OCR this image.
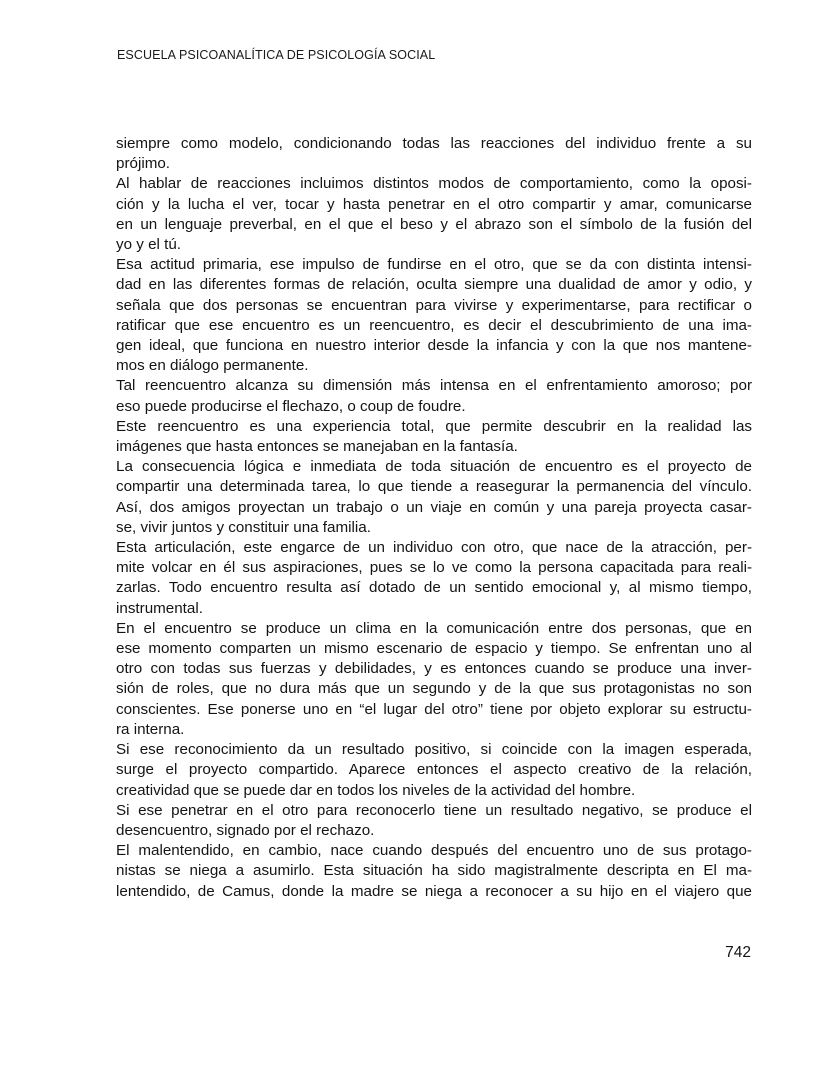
ESCUELA PSICOANALÍTICA DE PSICOLOGÍA SOCIAL

siempre como modelo, condicionando todas las reacciones del individuo frente a su
prójimo.

Al hablar de reacciones incluimos distintos modos de comportamiento, como la oposi-
ción y la lucha el ver, tocar y hasta penetrar en el otro compartir y amar, comunicarse
en un lenguaje preverbal, en el que el beso y el abrazo son el símbolo de la fusión del
yo y el tú.

Esa actitud primaria, ese impulso de fundirse en el otro, que se da con distinta intensi-
dad en las diferentes formas de relación, oculta siempre una dualidad de amor y odio, y
señala que dos personas se encuentran para vivirse y experimentarse, para rectificar o
ratificar que ese encuentro es un reencuentro, es decir el descubrimiento de una ima-
gen ideal, que funciona en nuestro interior desde la infancia y con la que nos mantene-
mos en diálogo permanente.

Tal reencuentro alcanza su dimensión más intensa en el enfrentamiento amoroso; por
eso puede producirse el flechazo, o coup de foudre.

Este reencuentro es una experiencia total, que permite descubrir en la realidad las
imágenes que hasta entonces se manejaban en la fantasía.

La consecuencia lógica e inmediata de toda situación de encuentro es el proyecto de
compartir una determinada tarea, lo que tiende a reasegurar la permanencia del vínculo.
Así, dos amigos proyectan un trabajo o un viaje en común y una pareja proyecta casar-
se, vivir juntos y constituir una familia.

Esta articulación, este engarce de un individuo con otro, que nace de la atracción, per-
mite volcar en él sus aspiraciones, pues se lo ve como la persona capacitada para reali-
zarlas. Todo encuentro resulta así dotado de un sentido emocional y, al mismo tiempo,
instrumental.

En el encuentro se produce un clima en la comunicación entre dos personas, que en
ese momento comparten un mismo escenario de espacio y tiempo. Se enfrentan uno al
otro con todas sus fuerzas y debilidades, y es entonces cuando se produce una inver-
sión de roles, que no dura más que un segundo y de la que sus protagonistas no son
conscientes. Ese ponerse uno en “el lugar del otro” tiene por objeto explorar su estructu-
ra interna.

Si ese reconocimiento da un resultado positivo, si coincide con la imagen esperada,
surge el proyecto compartido. Aparece entonces el aspecto creativo de la relación,
creatividad que se puede dar en todos los niveles de la actividad del hombre.

Si ese penetrar en el otro para reconocerlo tiene un resultado negativo, se produce el
desencuentro, signado por el rechazo.

El malentendido, en cambio, nace cuando después del encuentro uno de sus protago-
nistas se niega a asumirlo. Esta situación ha sido magistralmente descripta en El ma-
lentendido, de Camus, donde la madre se niega a reconocer a su hijo en el viajero que

742
